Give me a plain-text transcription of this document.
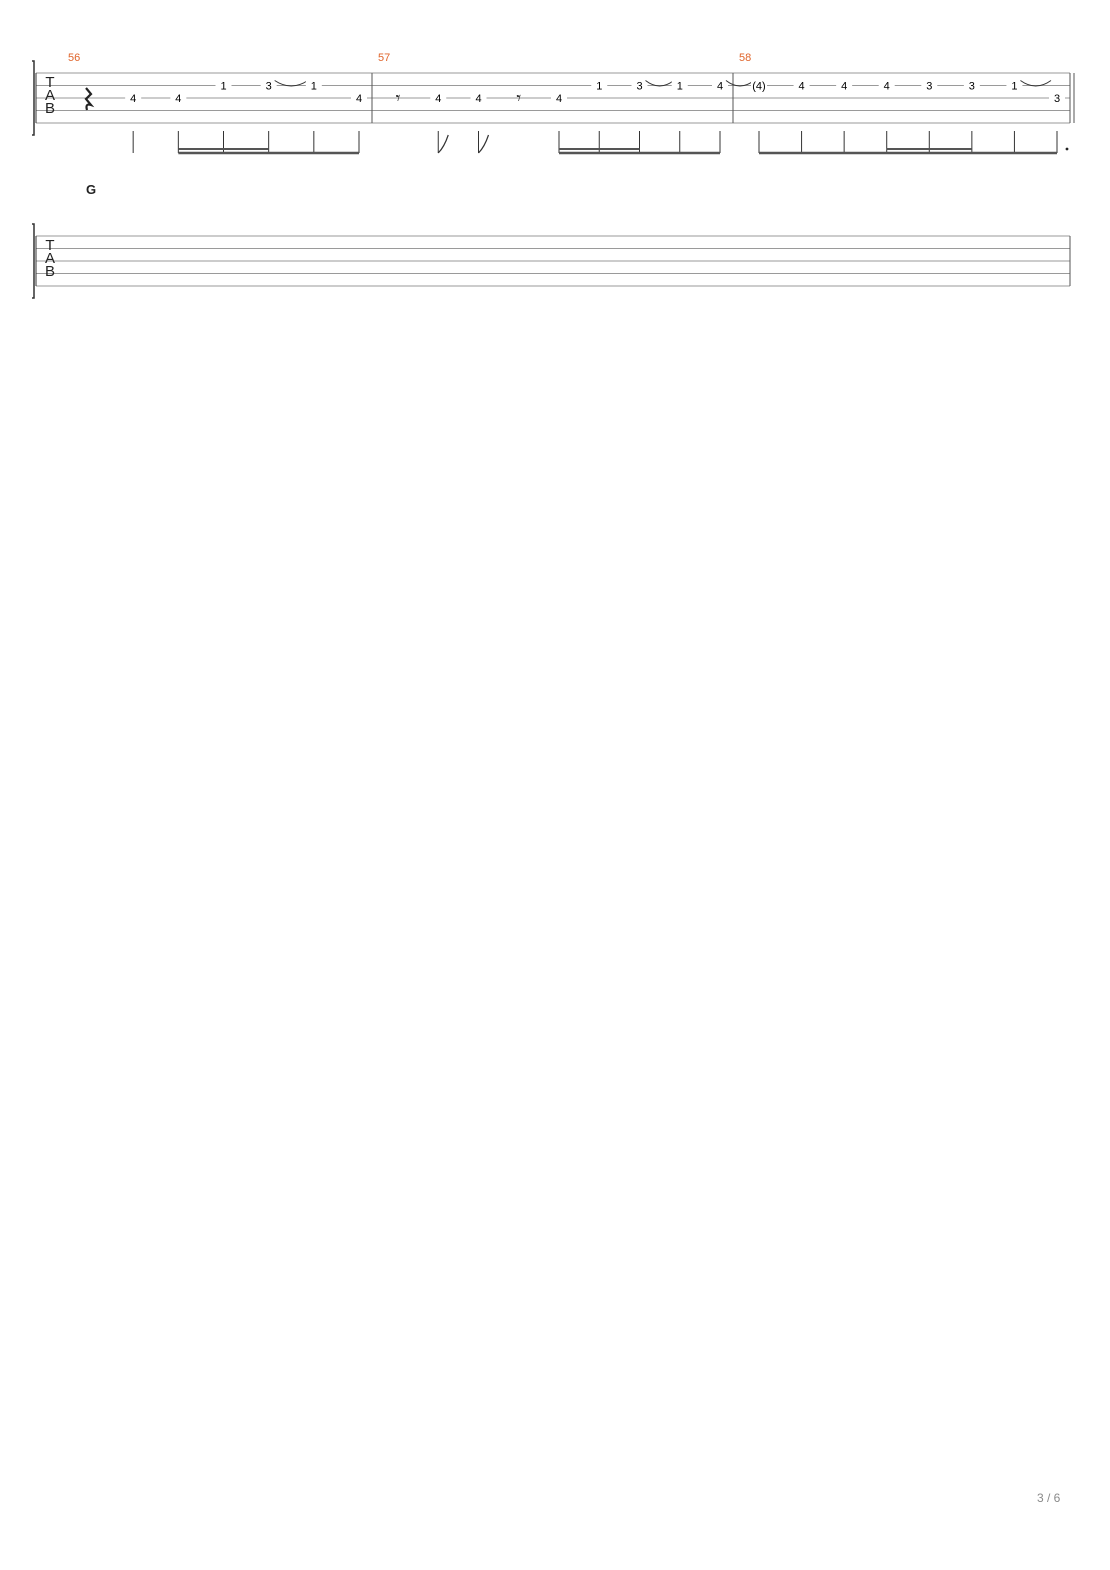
T
A
B
56
4	4
1	3	1
4
57
𝄾	4	4 𝄾	4
1	3	1	4
58
(4)	4	4	4	3	3	1
3
T
A
B
G
3 / 6
